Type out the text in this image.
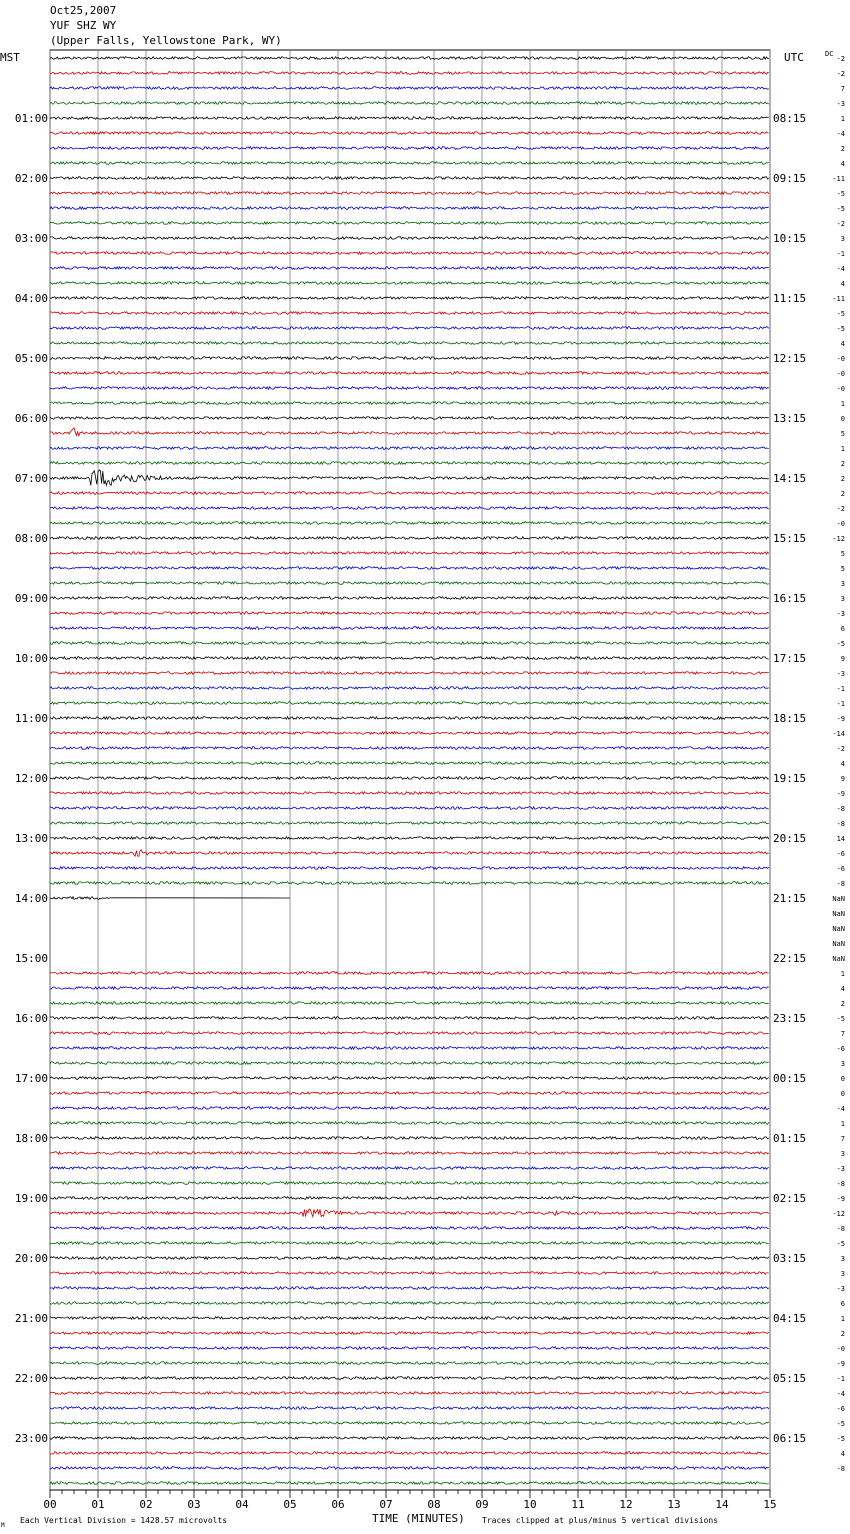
Oct25,2007
YUF SHZ WY
(Upper Falls, Yellowstone Park, WY)
00	01	02	03	04	05	06	07	08	09	10	11	12	13	14	15
-2
-2
7
-3
1
-4
2
4
-11
-5
-5
-2
3
-1
-4
4
-11
-5
-5
4
-0
-0
-0
1
0
5
1
2
2
2
-2
-0
-12
5
5
3
3
-3
6
-5
9
-3
-1
-1
-9
-14
-2
4
9
-9
-8
-8
14
-6
-6
-8
NaN
NaN
NaN
NaN
NaN
1
4
2
-5
7
-6
3
0
0
-4
1
7
3
-3
-8
-9
-12
-8
-5
3
3
-3
6
1
2
-0
-9
-1
-4
-6
-5
-5
4
-8
01:00
02:00
03:00
04:00
05:00
06:00
07:00
08:00
09:00
10:00
11:00
12:00
13:00
14:00
15:00
16:00
17:00
18:00
19:00
20:00
21:00
22:00
23:00
08:15
09:15
10:15
11:15
12:15
13:15
14:15
15:15
16:15
17:15
18:15
19:15
20:15
21:15
22:15
23:15
00:15
01:15
02:15
03:15
04:15
05:15
06:15
MST	UTC	DC
TIME (MINUTES)
Each Vertical Division = 1428.57 microvolts	Traces clipped at plus/minus 5 vertical divisions
M
